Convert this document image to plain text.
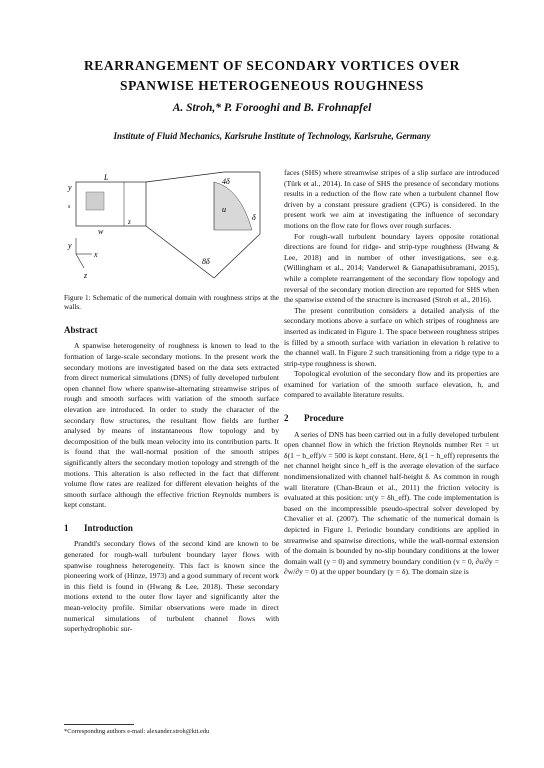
REARRANGEMENT OF SECONDARY VORTICES OVER
SPANWISE HETEROGENEOUS ROUGHNESS
A. Stroh,* P. Forooghi and B. Frohnapfel
Institute of Fluid Mechanics, Karlsruhe Institute of Technology, Karlsruhe, Germany
y
L
w
s
z
u
y
x
z
4δ
8δ
δ
Figure 1: Schematic of the numerical domain with roughness strips at the walls.
Abstract

A spanwise heterogeneity of roughness is known to lead to the formation of large-scale secondary motions. In the present work the secondary motions are investigated based on the data sets extracted from direct numerical simulations (DNS) of fully developed turbulent open channel flow where spanwise-alternating streamwise stripes of rough and smooth surfaces with variation of the smooth surface elevation are introduced. In order to study the character of the secondary flow structures, the resultant flow fields are further analysed by means of instantaneous flow topology and by decomposition of the bulk mean velocity into its contribution parts. It is found that the wall-normal position of the smooth stripes significantly alters the secondary motion topology and strength of the motions. This alteration is also reflected in the fact that different volume flow rates are realized for different elevation heights of the smooth surface although the effective friction Reynolds numbers is kept constant.

1 Introduction

Prandtl's secondary flows of the second kind are known to be generated for rough-wall turbulent boundary layer flows with spanwise roughness heterogeneity. This fact is known since the pioneering work of (Hinze, 1973) and a good summary of recent work in this field is found in (Hwang & Lee, 2018). These secondary motions extend to the outer flow layer and significantly alter the mean-velocity profile. Similar observations were made in direct numerical simulations of turbulent channel flows with superhydrophobic sur-

faces (SHS) where streamwise stripes of a slip surface are introduced (Türk et al., 2014). In case of SHS the presence of secondary motions results in a reduction of the flow rate when a turbulent channel flow driven by a constant pressure gradient (CPG) is considered. In the present work we aim at investigating the influence of secondary motions on the flow rate for flows over rough surfaces.

For rough-wall turbulent boundary layers opposite rotational directions are found for ridge- and strip-type roughness (Hwang & Lee, 2018) and in number of other investigations, see e.g. (Willingham et al., 2014; Vanderwel & Ganapathisubramani, 2015), while a complete rearrangement of the secondary flow topology and reversal of the secondary motion direction are reported for SHS when the spanwise extend of the structure is increased (Stroh et al., 2016).

The present contribution considers a detailed analysis of the secondary motions above a surface on which stripes of roughness are inserted as indicated in Figure 1. The space between roughness stripes is filled by a smooth surface with variation in elevation h relative to the channel wall. In Figure 2 such transitioning from a ridge type to a strip-type roughness is shown.

Topological evolution of the secondary flow and its properties are examined for variation of the smooth surface elevation, h, and compared to available literature results.

2 Procedure

A series of DNS has been carried out in a fully developed turbulent open channel flow in which the friction Reynolds number Reτ = uτ δ(1 − h_eff)/ν = 500 is kept constant. Here, δ(1 − h_eff) represents the net channel height since h_eff is the average elevation of the surface nondimensionalized with channel half-height δ. As common in rough wall literature (Chan-Braun et al., 2011) the friction velocity is evaluated at this position: uτ(y = δh_eff). The code implementation is based on the incompressible pseudo-spectral solver developed by Chevalier et al. (2007). The schematic of the numerical domain is depicted in Figure 1. Periodic boundary conditions are applied in streamwise and spanwise directions, while the wall-normal extension of the domain is bounded by no-slip boundary conditions at the lower domain wall (y = 0) and symmetry boundary condition (v = 0, ∂u/∂y = ∂w/∂y = 0) at the upper boundary (y = δ). The domain size is

*Corresponding authors e-mail: alexander.stroh@kit.edu
